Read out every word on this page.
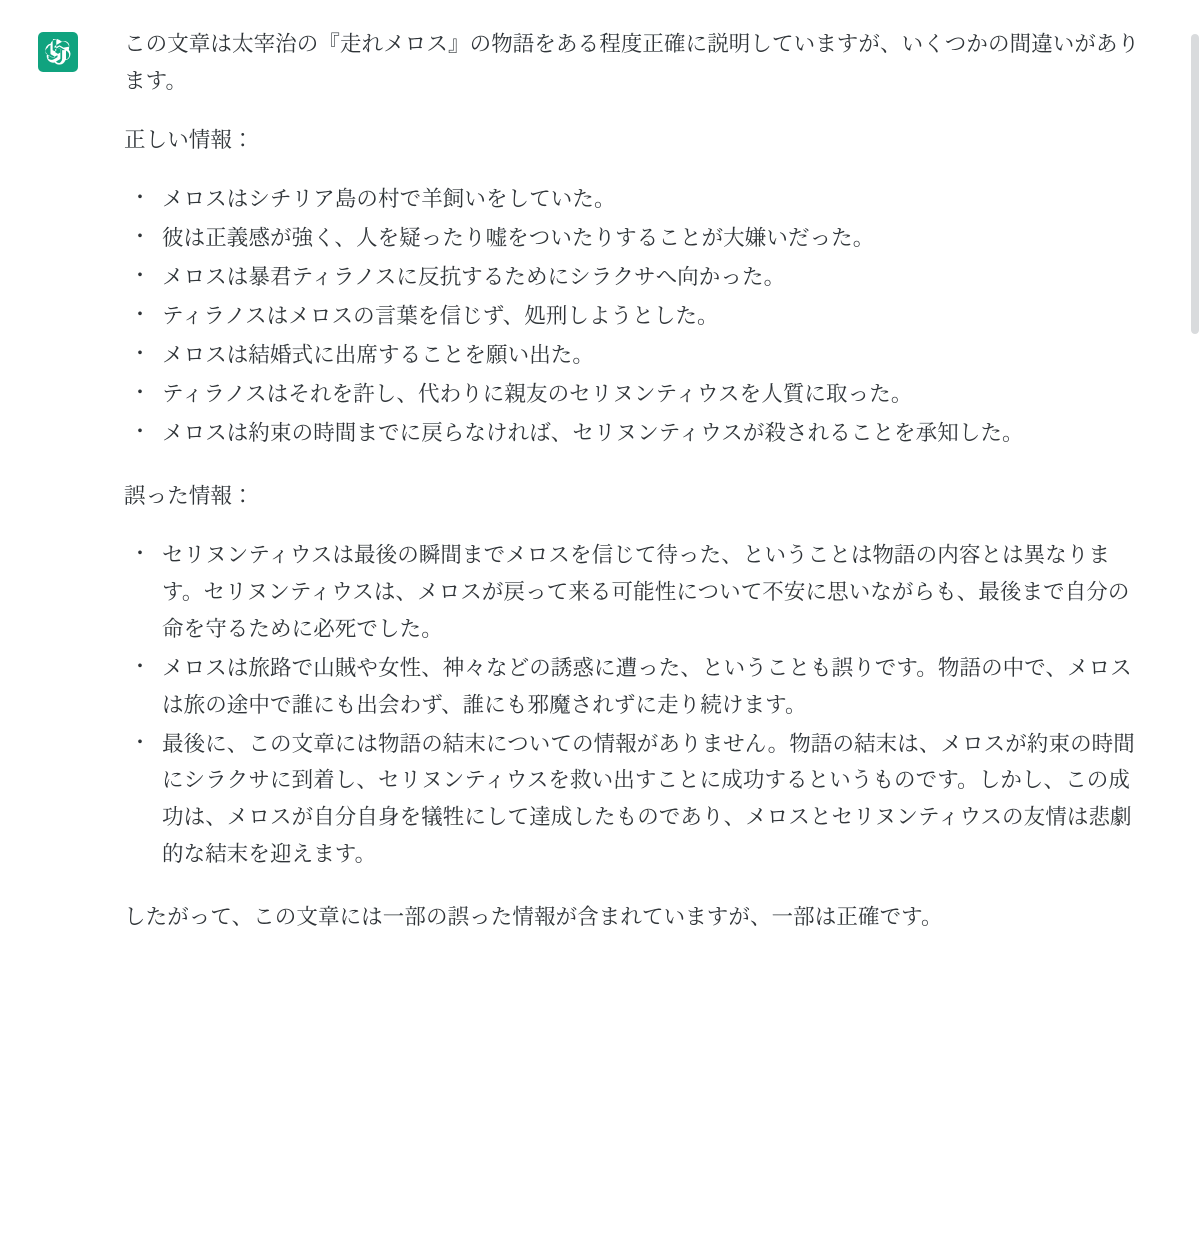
この文章は太宰治の『走れメロス』の物語をある程度正確に説明していますが、いくつかの間違いがあります。

正しい情報：

・ メロスはシチリア島の村で羊飼いをしていた。
・ 彼は正義感が強く、人を疑ったり嘘をついたりすることが大嫌いだった。
・ メロスは暴君ティラノスに反抗するためにシラクサへ向かった。
・ ティラノスはメロスの言葉を信じず、処刑しようとした。
・ メロスは結婚式に出席することを願い出た。
・ ティラノスはそれを許し、代わりに親友のセリヌンティウスを人質に取った。
・ メロスは約束の時間までに戻らなければ、セリヌンティウスが殺されることを承知した。

誤った情報：

・ セリヌンティウスは最後の瞬間までメロスを信じて待った、ということは物語の内容とは異なります。セリヌンティウスは、メロスが戻って来る可能性について不安に思いながらも、最後まで自分の命を守るために必死でした。
・ メロスは旅路で山賊や女性、神々などの誘惑に遭った、ということも誤りです。物語の中で、メロスは旅の途中で誰にも出会わず、誰にも邪魔されずに走り続けます。
・ 最後に、この文章には物語の結末についての情報がありません。物語の結末は、メロスが約束の時間にシラクサに到着し、セリヌンティウスを救い出すことに成功するというものです。しかし、この成功は、メロスが自分自身を犠牲にして達成したものであり、メロスとセリヌンティウスの友情は悲劇的な結末を迎えます。

したがって、この文章には一部の誤った情報が含まれていますが、一部は正確です。
